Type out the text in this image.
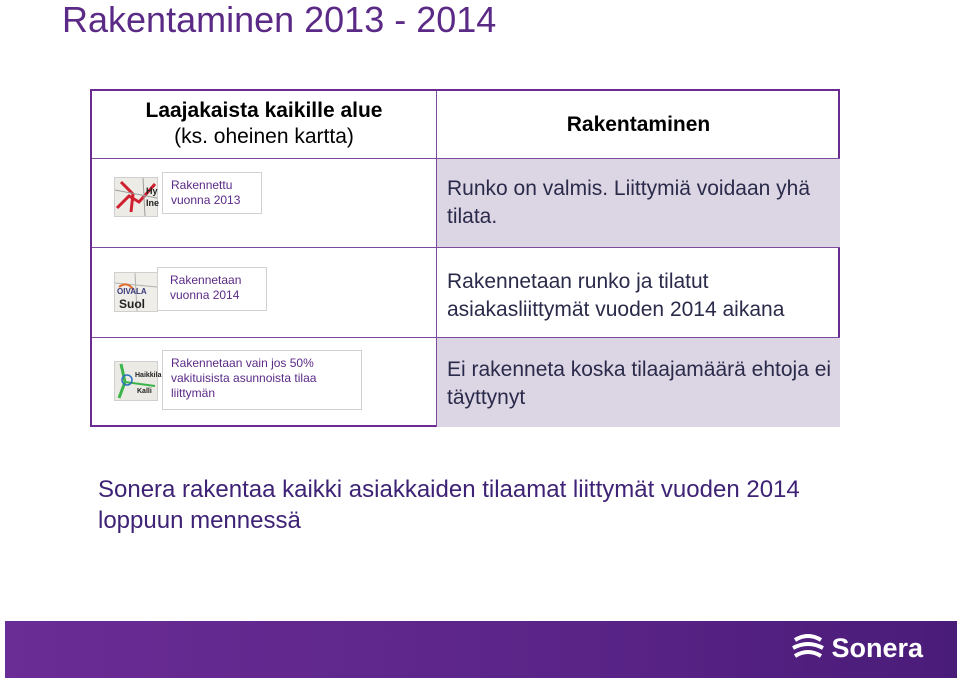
Rakentaminen 2013 - 2014
Laajakaista kaikille alue
(ks. oheinen kartta)
Rakentaminen
Hy
Ine
Rakennettu
vuonna 2013	Runko on valmis. Liittymiä voidaan yhä tilata.
OIVALA
Suol
Rakennetaan
vuonna 2014
Rakennetaan runko ja tilatut asiakasliittymät vuoden 2014 aikana
Haikkila
Kalli
Rakennetaan vain jos 50% vakituisista asunnoista tilaa liittymän
Ei rakenneta koska tilaajamäärä ehtoja ei täyttynyt
Sonera rakentaa kaikki asiakkaiden tilaamat liittymät vuoden 2014 loppuun mennessä
Sonera
